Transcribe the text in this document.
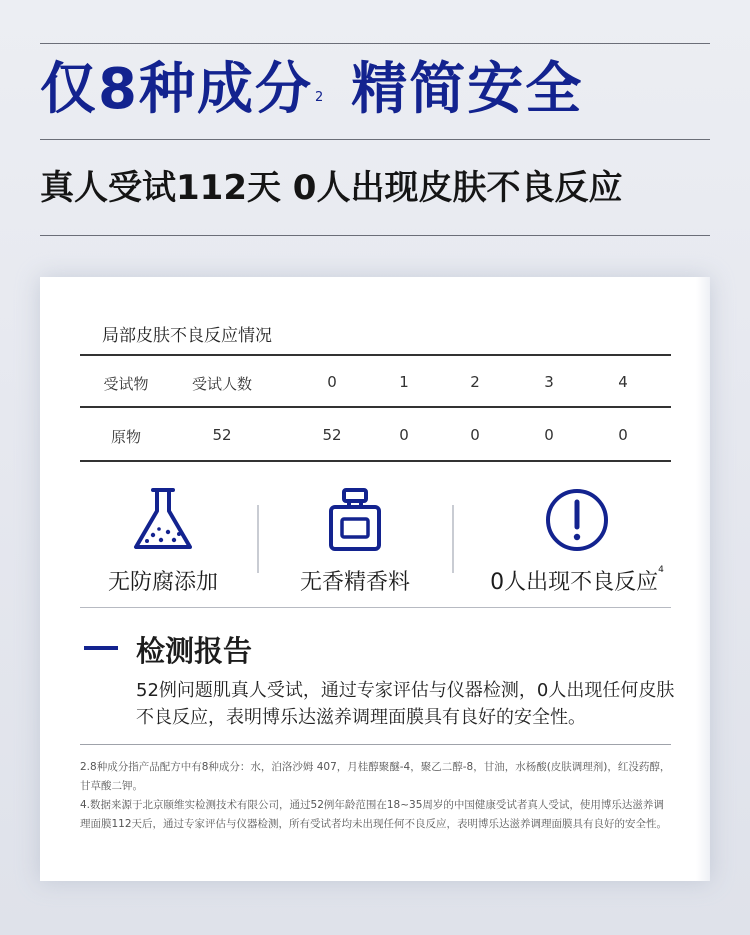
仅8种成分 $^2$ 精简安全
真人受试112天 0人出现皮肤不良反应
局部皮肤不良反应情况
受试物	受试人数	0	1	2	3	4
原物	52	52	0	0	0	0
无防腐添加	无香精香料	0人出现不良反应$^4$
检测报告
52例问题肌真人受试，通过专家评估与仪器检测，0人出现任何皮肤不良反应，表明博乐达滋养调理面膜具有良好的安全性。
2.8种成分指产品配方中有8种成分：水，泊洛沙姆 407，月桂醇聚醚-4，聚乙二醇-8，甘油，水杨酸(皮肤调理剂)，红没药醇，甘草酸二钾。
4.数据来源于北京颐维实检测技术有限公司，通过52例年龄范围在18~35周岁的中国健康受试者真人受试，使用博乐达滋养调理面膜112天后，通过专家评估与仪器检测，所有受试者均未出现任何不良反应，表明博乐达滋养调理面膜具有良好的安全性。
